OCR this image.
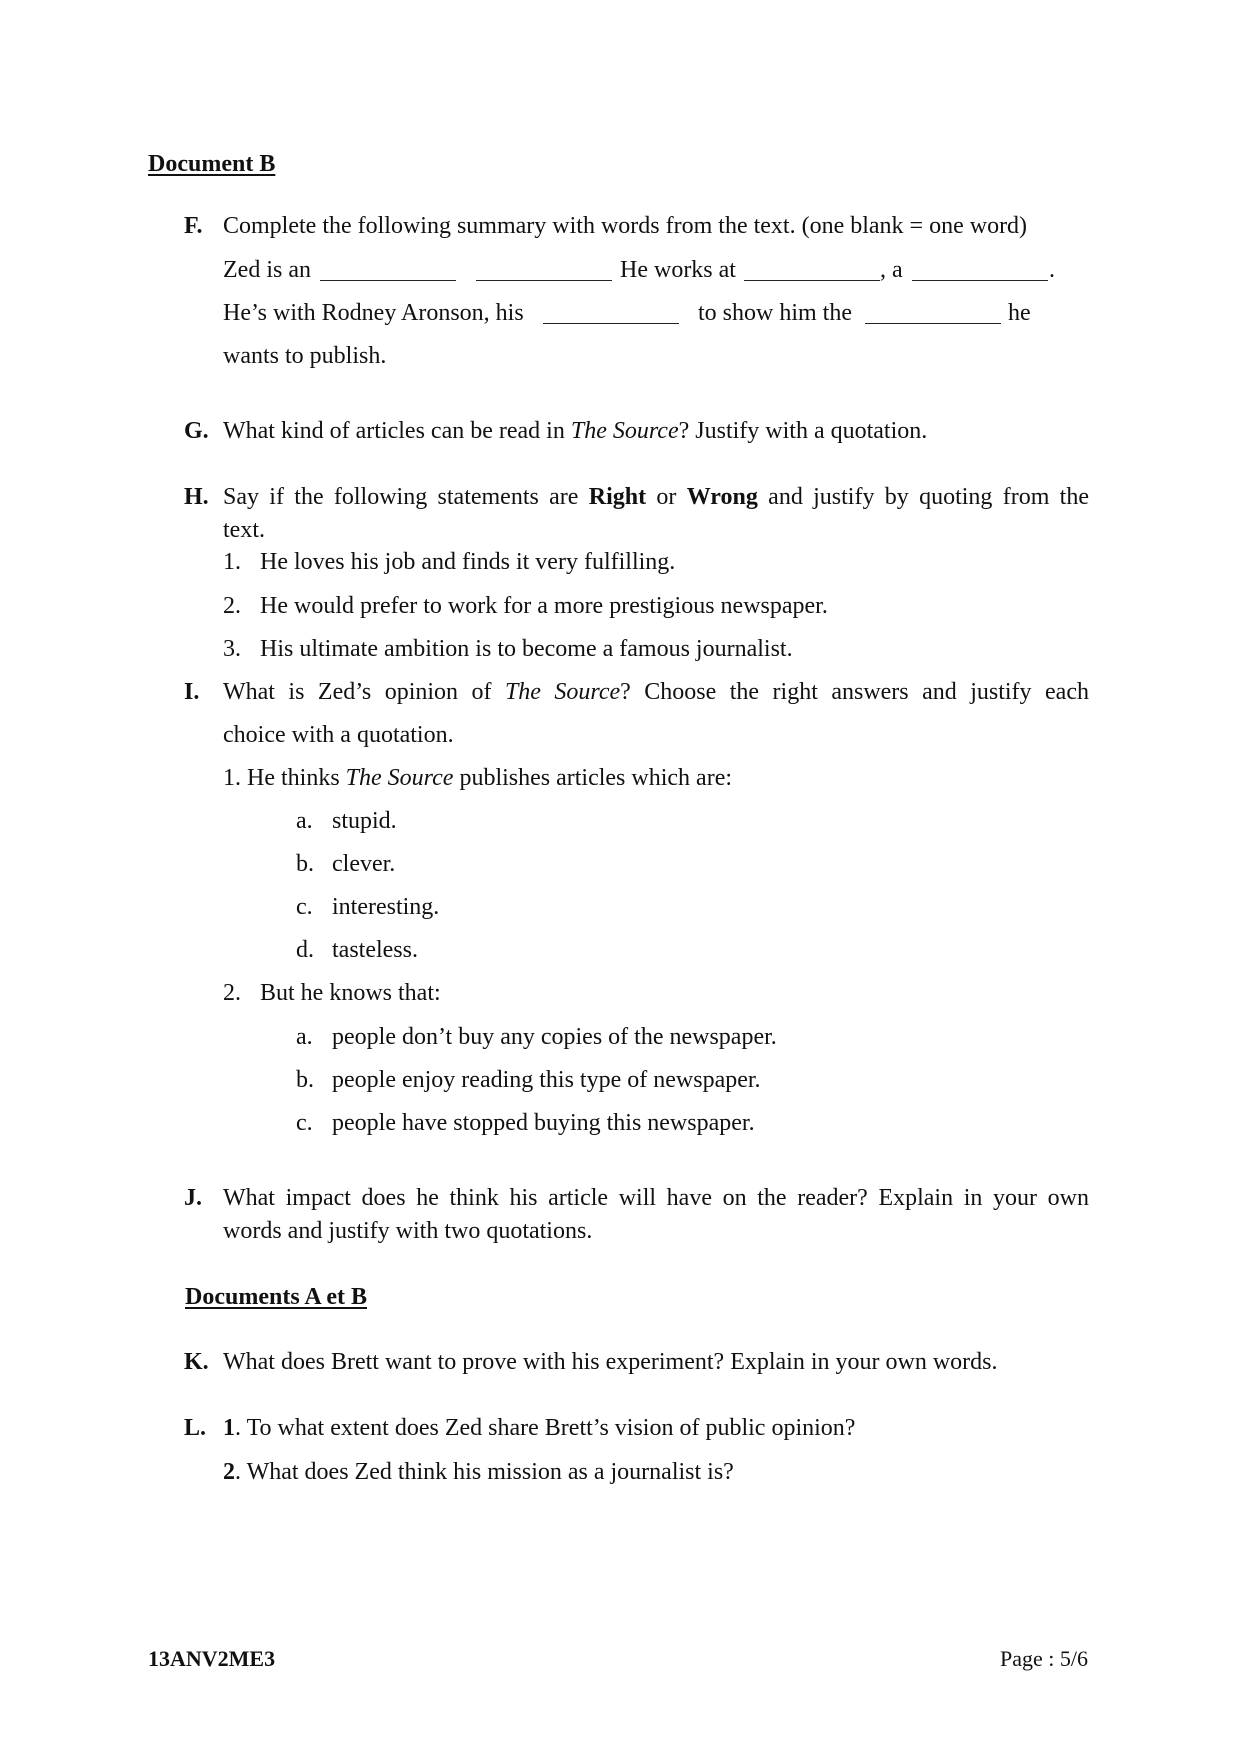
Document B
F. Complete the following summary with words from the text. (one blank = one word)
Zed is an	He works at	, a	.
He’s with Rodney Aronson, his	to show him the	he
wants to publish.
G. What kind of articles can be read in The Source? Justify with a quotation.
H. Say if the following statements are Right or Wrong and justify by quoting from the
text.
1. He loves his job and finds it very fulfilling.
2. He would prefer to work for a more prestigious newspaper.
3. His ultimate ambition is to become a famous journalist.
I. What is Zed’s opinion of The Source? Choose the right answers and justify each
choice with a quotation.
1. He thinks The Source publishes articles which are:
a. stupid.
b. clever.
c. interesting.
d. tasteless.
2. But he knows that:
a. people don’t buy any copies of the newspaper.
b. people enjoy reading this type of newspaper.
c. people have stopped buying this newspaper.
J. What impact does he think his article will have on the reader? Explain in your own
words and justify with two quotations.
Documents A et B
K. What does Brett want to prove with his experiment? Explain in your own words.
L. 1. To what extent does Zed share Brett’s vision of public opinion?
2. What does Zed think his mission as a journalist is?
13ANV2ME3	Page : 5/6
